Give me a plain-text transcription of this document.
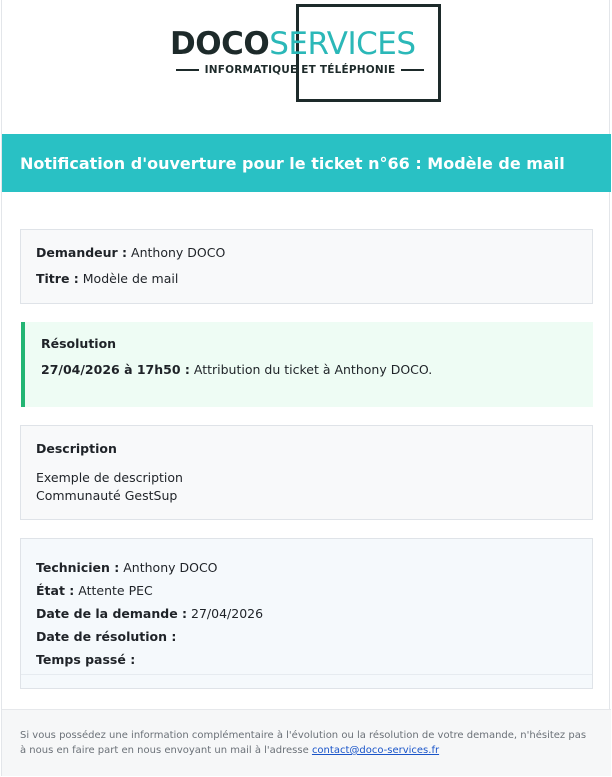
DOCOSERVICES
INFORMATIQUE ET TÉLÉPHONIE
Notification d'ouverture pour le ticket n°66 : Modèle de mail
Demandeur : Anthony DOCO
Titre : Modèle de mail
Résolution
27/04/2026 à 17h50 : Attribution du ticket à Anthony DOCO.
Description
Exemple de description
Communauté GestSup
Technicien : Anthony DOCO
État : Attente PEC
Date de la demande : 27/04/2026
Date de résolution :
Temps passé :
Si vous possédez une information complémentaire à l'évolution ou la résolution de votre demande, n'hésitez pas à nous en faire part en nous envoyant un mail à l'adresse contact@doco-services.fr
